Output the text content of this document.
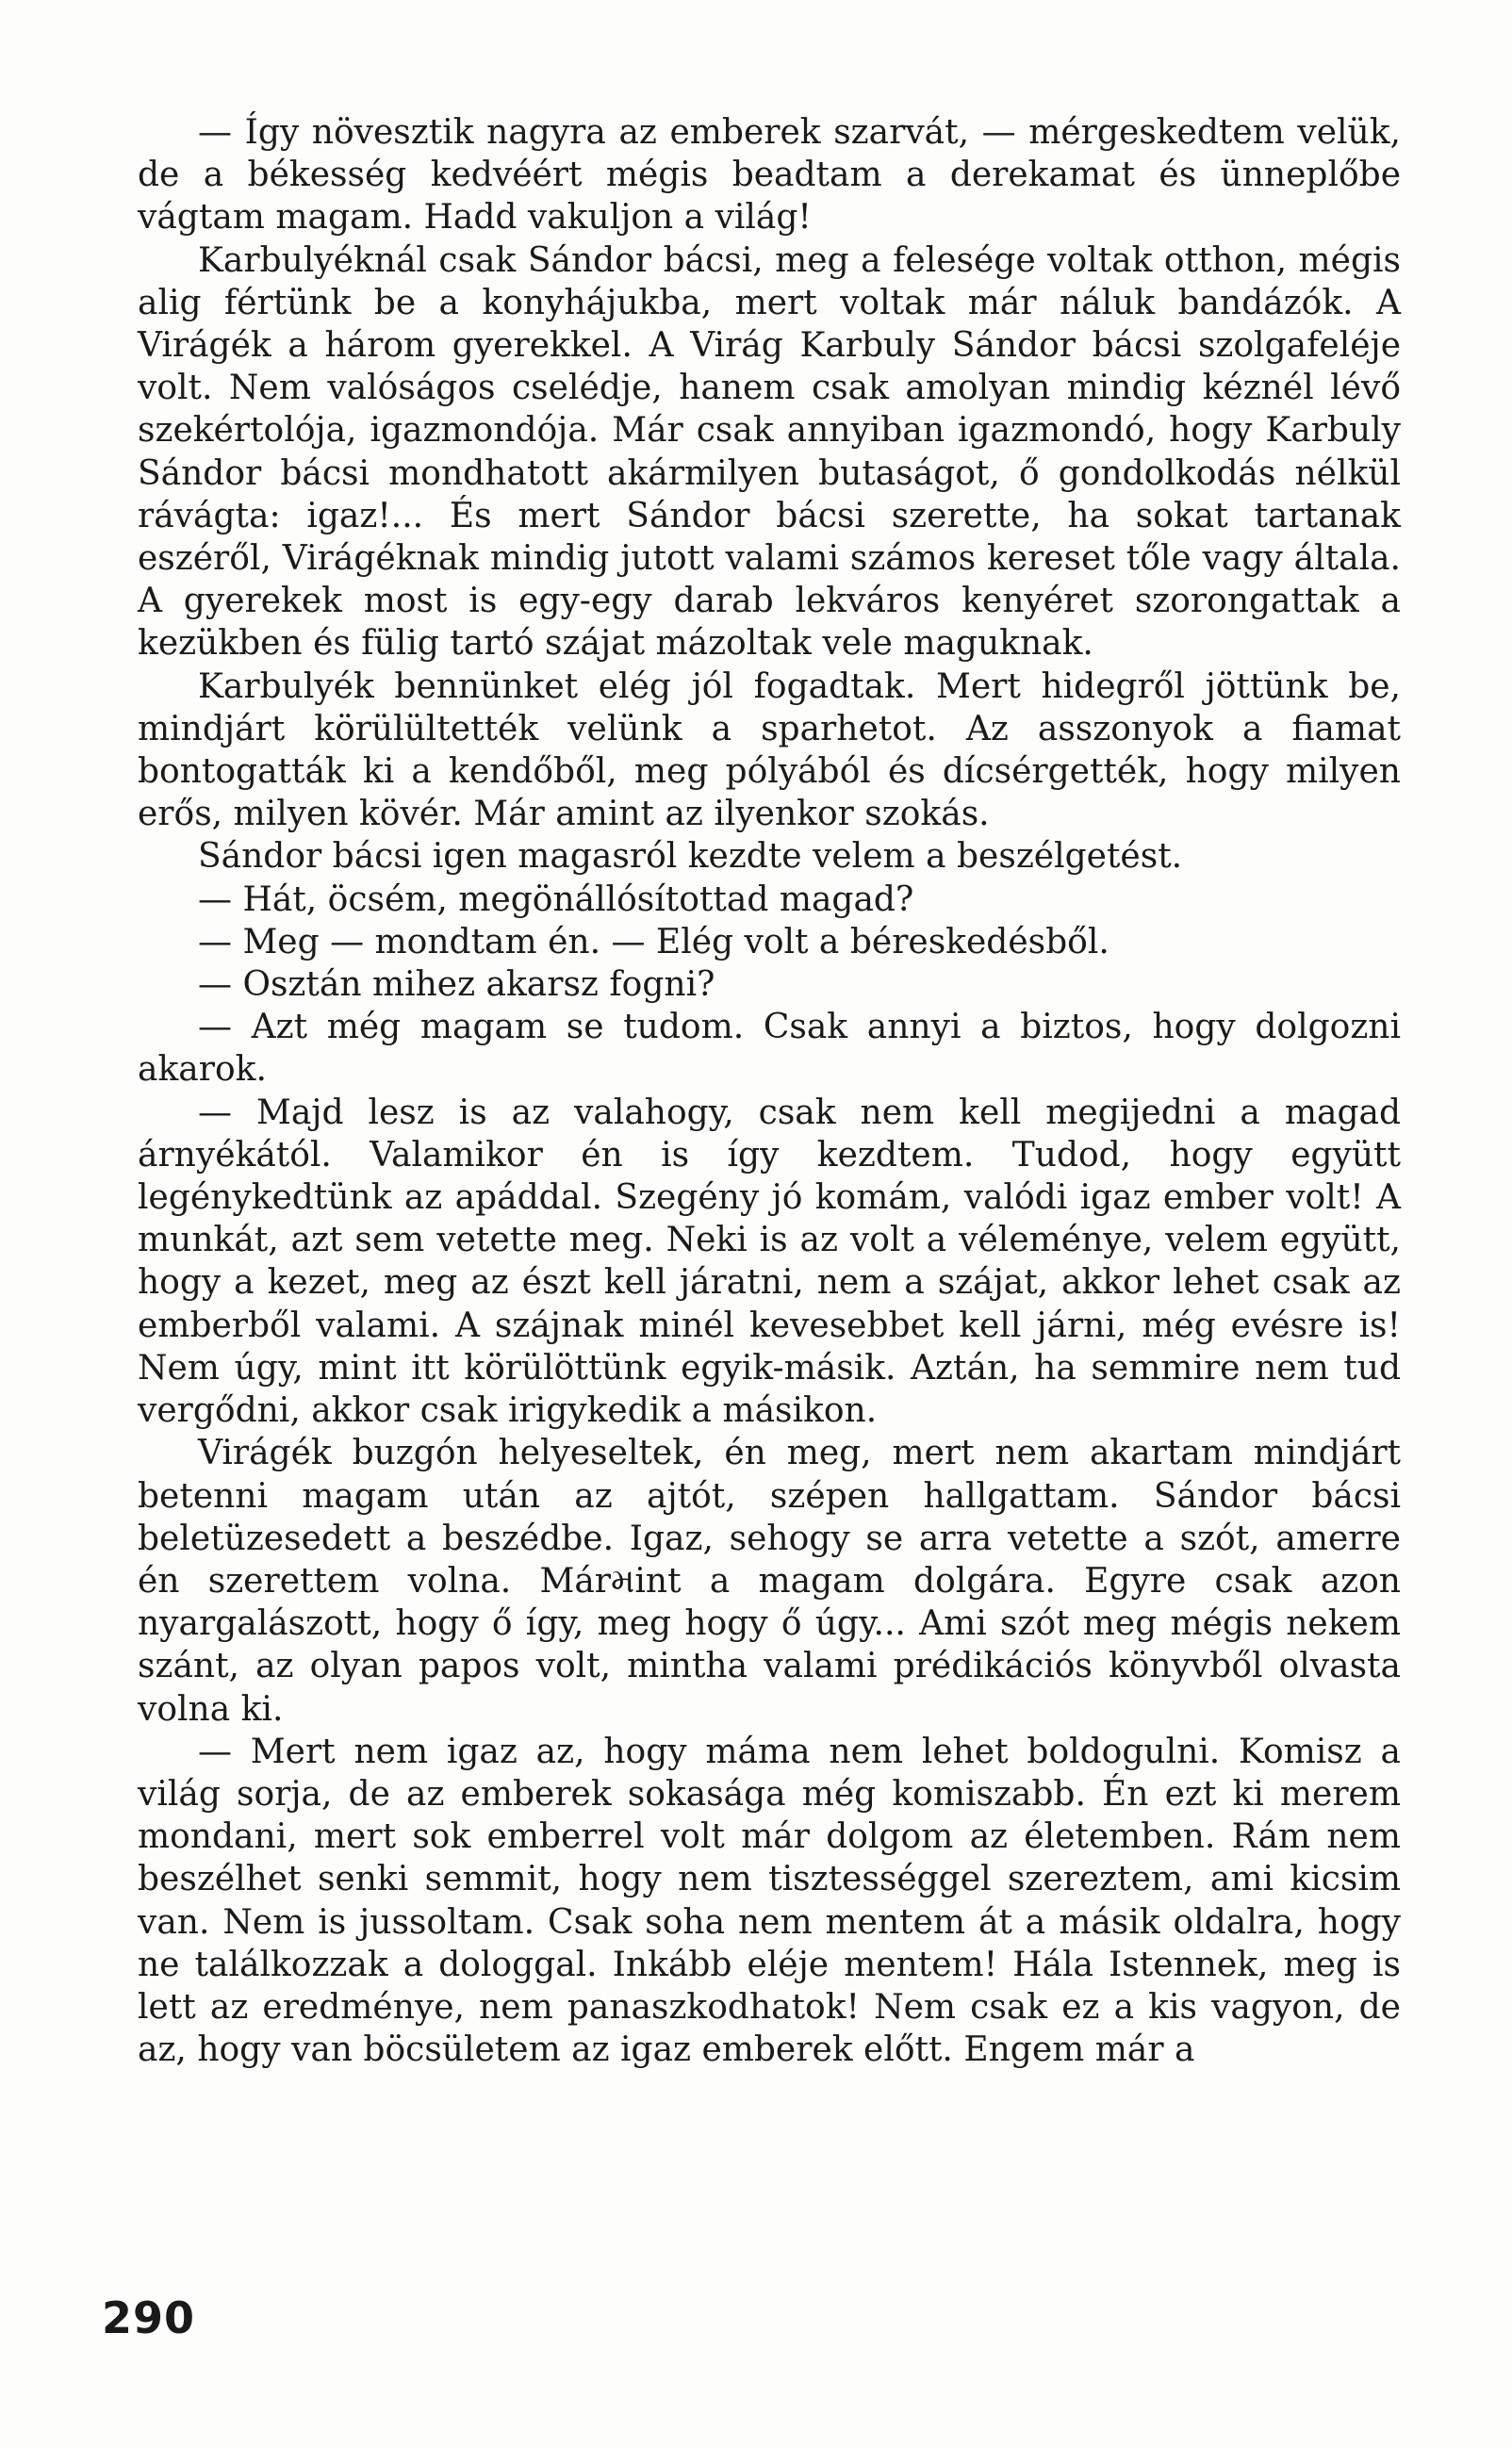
— Így növesztik nagyra az emberek szarvát, — mérgeskedtem velük, de a békesség kedvéért mégis beadtam a derekamat és ünneplőbe vágtam magam. Hadd vakuljon a világ!

Karbulyéknál csak Sándor bácsi, meg a felesége voltak otthon, mégis alig fértünk be a konyhájukba, mert voltak már náluk bandázók. A Virágék a három gyerekkel. A Virág Karbuly Sándor bácsi szolgafeléje volt. Nem valóságos cselédje, hanem csak amolyan mindig kéznél lévő szekértolója, igazmondója. Már csak annyiban igazmondó, hogy Karbuly Sándor bácsi mondhatott akármilyen butaságot, ő gondolkodás nélkül rávágta: igaz!... És mert Sándor bácsi szerette, ha sokat tartanak eszéről, Virágéknak mindig jutott valami számos kereset tőle vagy általa. A gyerekek most is egy-egy darab lekváros kenyéret szorongattak a kezükben és fülig tartó szájat mázoltak vele maguknak.

Karbulyék bennünket elég jól fogadtak. Mert hidegről jöttünk be, mindjárt körülültették velünk a sparhetot. Az asszonyok a fiamat bontogatták ki a kendőből, meg pólyából és dícsérgették, hogy milyen erős, milyen kövér. Már amint az ilyenkor szokás.

Sándor bácsi igen magasról kezdte velem a beszélgetést.

— Hát, öcsém, megönállósítottad magad?

— Meg — mondtam én. — Elég volt a béreskedésből.

— Osztán mihez akarsz fogni?

— Azt még magam se tudom. Csak annyi a biztos, hogy dolgozni akarok.

— Majd lesz is az valahogy, csak nem kell megijedni a magad árnyékától. Valamikor én is így kezdtem. Tudod, hogy együtt legénykedtünk az apáddal. Szegény jó komám, valódi igaz ember volt! A munkát, azt sem vetette meg. Neki is az volt a véleménye, velem együtt, hogy a kezet, meg az észt kell járatni, nem a szájat, akkor lehet csak az emberből valami. A szájnak minél kevesebbet kell járni, még evésre is! Nem úgy, mint itt körülöttünk egyik-másik. Aztán, ha semmire nem tud vergődni, akkor csak irigykedik a másikon.

Virágék buzgón helyeseltek, én meg, mert nem akartam mindjárt betenni magam után az ajtót, szépen hallgattam. Sándor bácsi beletüzesedett a beszédbe. Igaz, sehogy se arra vetette a szót, amerre én szerettem volna. Márમint a magam dolgára. Egyre csak azon nyargalászott, hogy ő így, meg hogy ő úgy... Ami szót meg mégis nekem szánt, az olyan papos volt, mintha valami prédikációs könyvből olvasta volna ki.

— Mert nem igaz az, hogy máma nem lehet boldogulni. Komisz a világ sorja, de az emberek sokasága még komiszabb. Én ezt ki merem mondani, mert sok emberrel volt már dolgom az életemben. Rám nem beszélhet senki semmit, hogy nem tisztességgel szereztem, ami kicsim van. Nem is jussoltam. Csak soha nem mentem át a másik oldalra, hogy ne találkozzak a dologgal. Inkább eléje mentem! Hála Istennek, meg is lett az eredménye, nem panaszkodhatok! Nem csak ez a kis vagyon, de az, hogy van böcsületem az igaz emberek előtt. Engem már a

290
